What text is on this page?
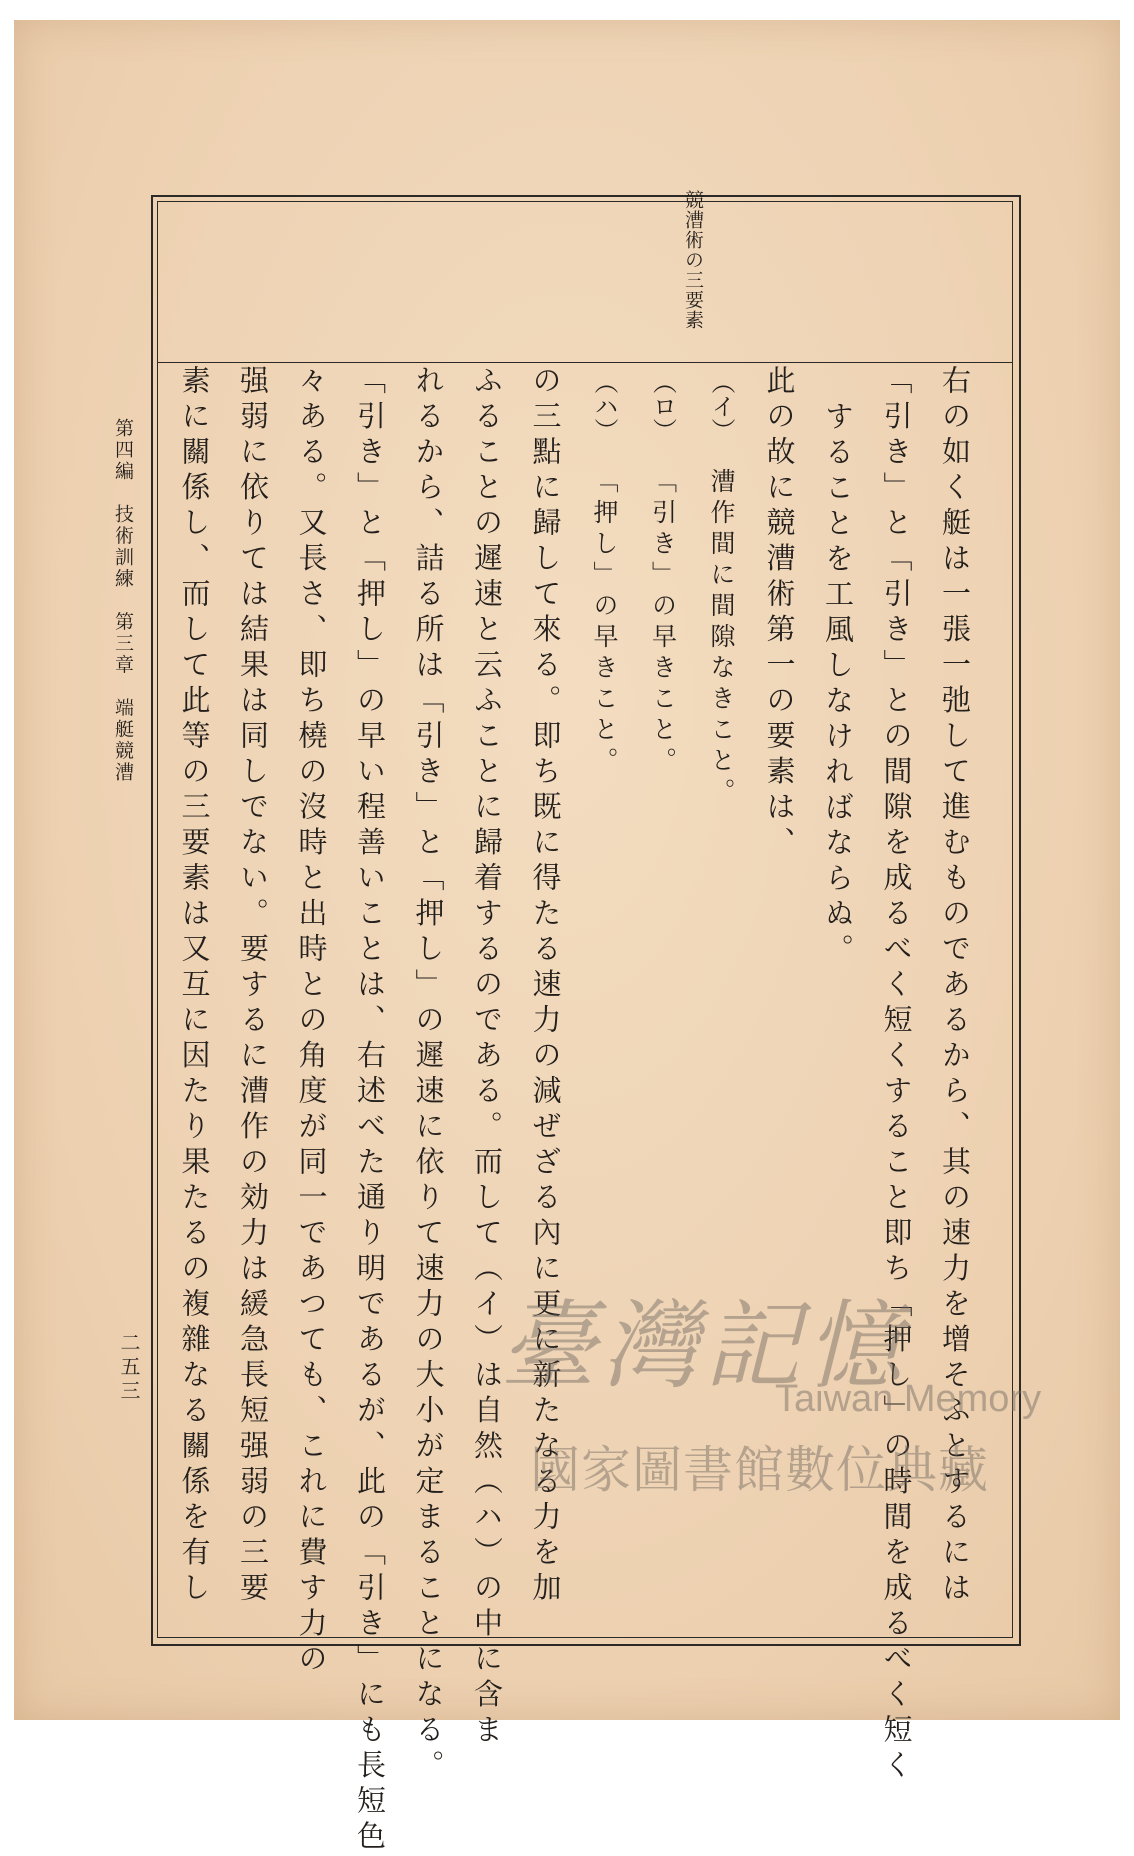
競漕術の三要素
右の如く艇は一張一弛して進むものであるから、其の速力を增そふとするには
「引き」と「引き」との間隙を成るべく短くすること即ち「押し」の時間を成るべく短く
することを工風しなければならぬ。
此の故に競漕術第一の要素は、
（イ）漕作間に間隙なきこと。
（ロ）「引き」の早きこと。
（ハ）「押し」の早きこと。
の三點に歸して來る。即ち既に得たる速力の減ぜざる內に更に新たなる力を加
ふることの遲速と云ふことに歸着するのである。而して（イ）は自然（ハ）の中に含ま
れるから、詰る所は「引き」と「押し」の遲速に依りて速力の大小が定まることになる。
「引き」と「押し」の早い程善いことは、右述べた通り明であるが、此の「引き」にも長短色
々ある。又長さ、即ち橈の沒時と出時との角度が同一であつても、これに費す力の
强弱に依りては結果は同しでない。要するに漕作の効力は緩急長短强弱の三要
素に關係し、而して此等の三要素は又互に因たり果たるの複雜なる關係を有し
第四編　技術訓練　第三章　端艇競漕
二五三	臺灣記憶
Taiwan Memory
國家圖書館數位典藏
